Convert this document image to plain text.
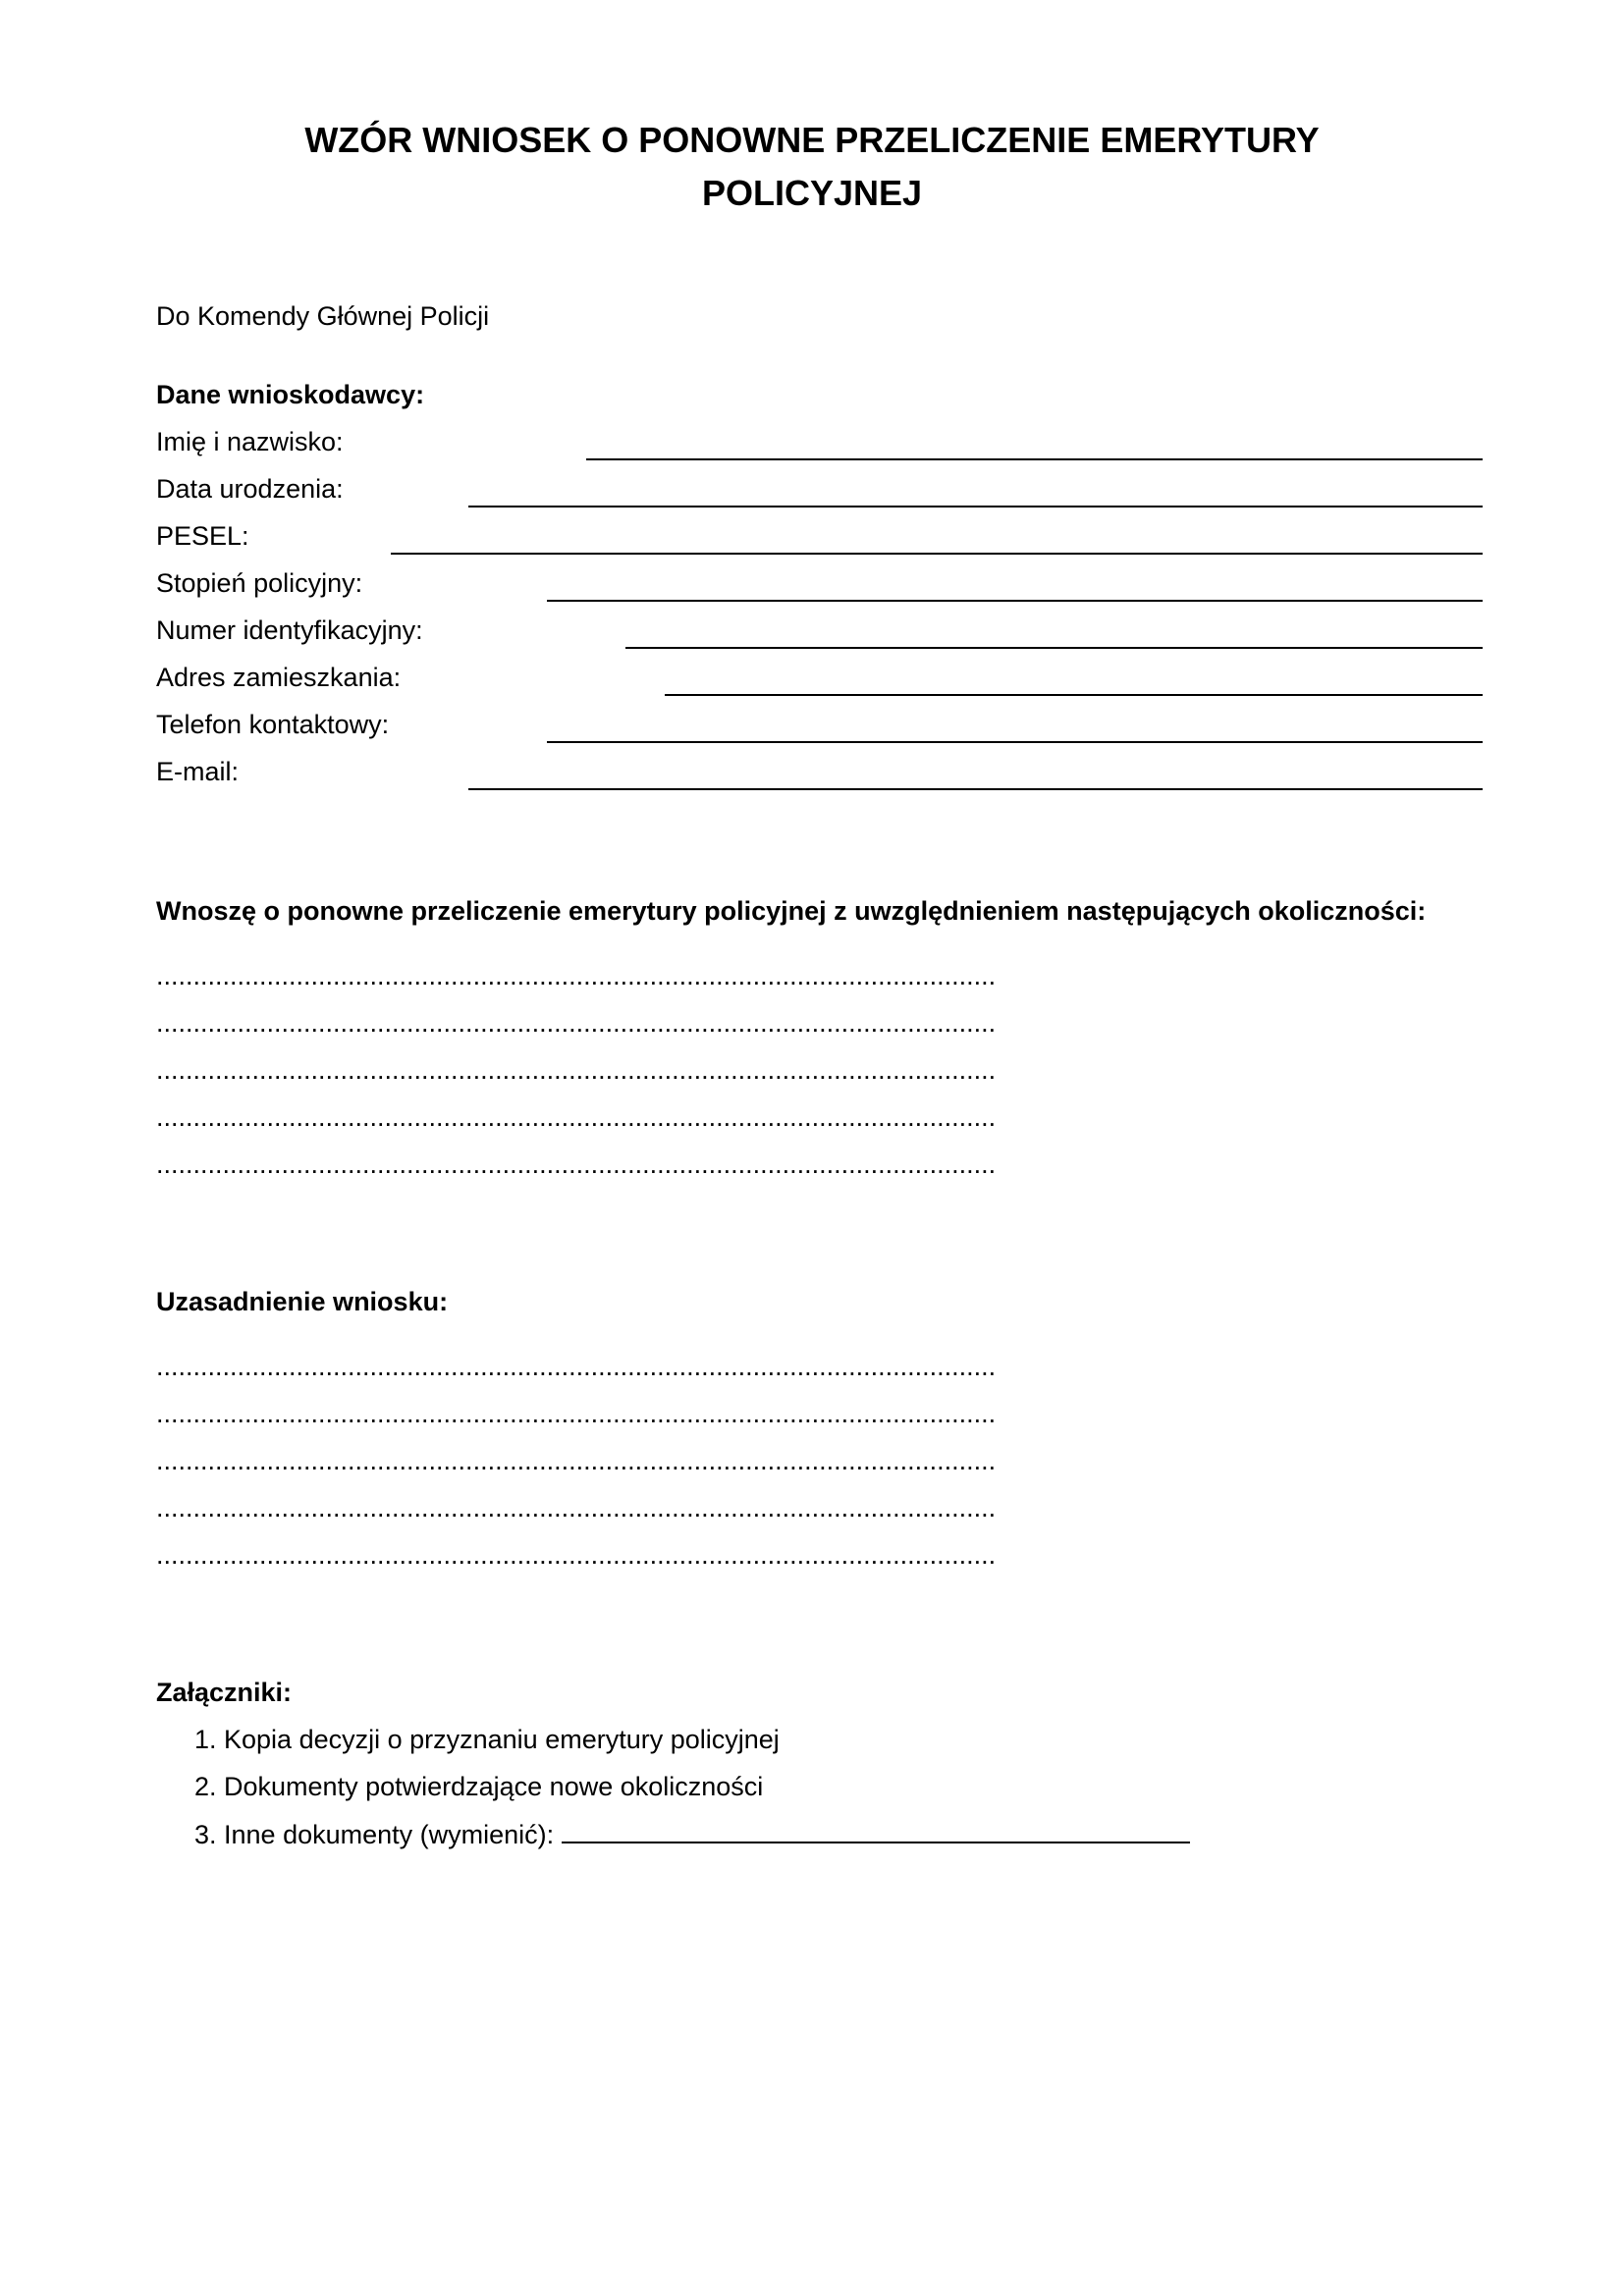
WZÓR WNIOSEK O PONOWNE PRZELICZENIE EMERYTURY
POLICYJNEJ

Do Komendy Głównej Policji

Dane wnioskodawcy:

Imię i nazwisko:

Data urodzenia:

PESEL:

Stopień policyjny:

Numer identyfikacyjny:

Adres zamieszkania:

Telefon kontaktowy:

E-mail:

Wnoszę o ponowne przeliczenie emerytury policyjnej z uwzględnieniem następujących okoliczności:

..................................................................................................................
..................................................................................................................
..................................................................................................................
..................................................................................................................
..................................................................................................................

Uzasadnienie wniosku:

..................................................................................................................
..................................................................................................................
..................................................................................................................
..................................................................................................................
..................................................................................................................

Załączniki:

1. Kopia decyzji o przyznaniu emerytury policyjnej
2. Dokumenty potwierdzające nowe okoliczności
3. Inne dokumenty (wymienić):
